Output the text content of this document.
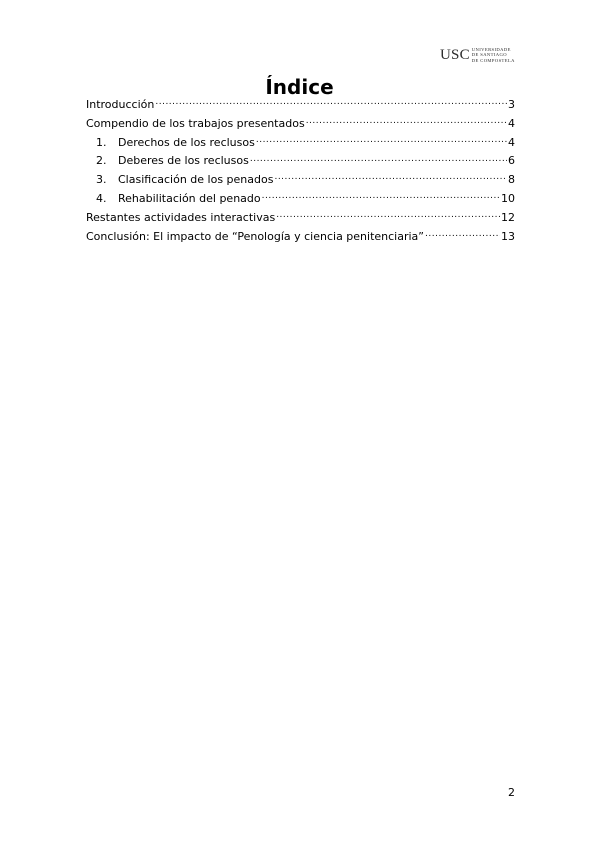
USC UNIVERSIDADE
DE SANTIAGO
DE COMPOSTELA
Índice
Introducción .....	3
Compendio de los trabajos presentados .....	4
1.	Derechos de los reclusos .....	4
2.	Deberes de los reclusos .....	6
3.	Clasificación de los penados .....	8
4.	Rehabilitación del penado .....	10
Restantes actividades interactivas .....	12
Conclusión: El impacto de “Penología y ciencia penitenciaria” .....	13
2
